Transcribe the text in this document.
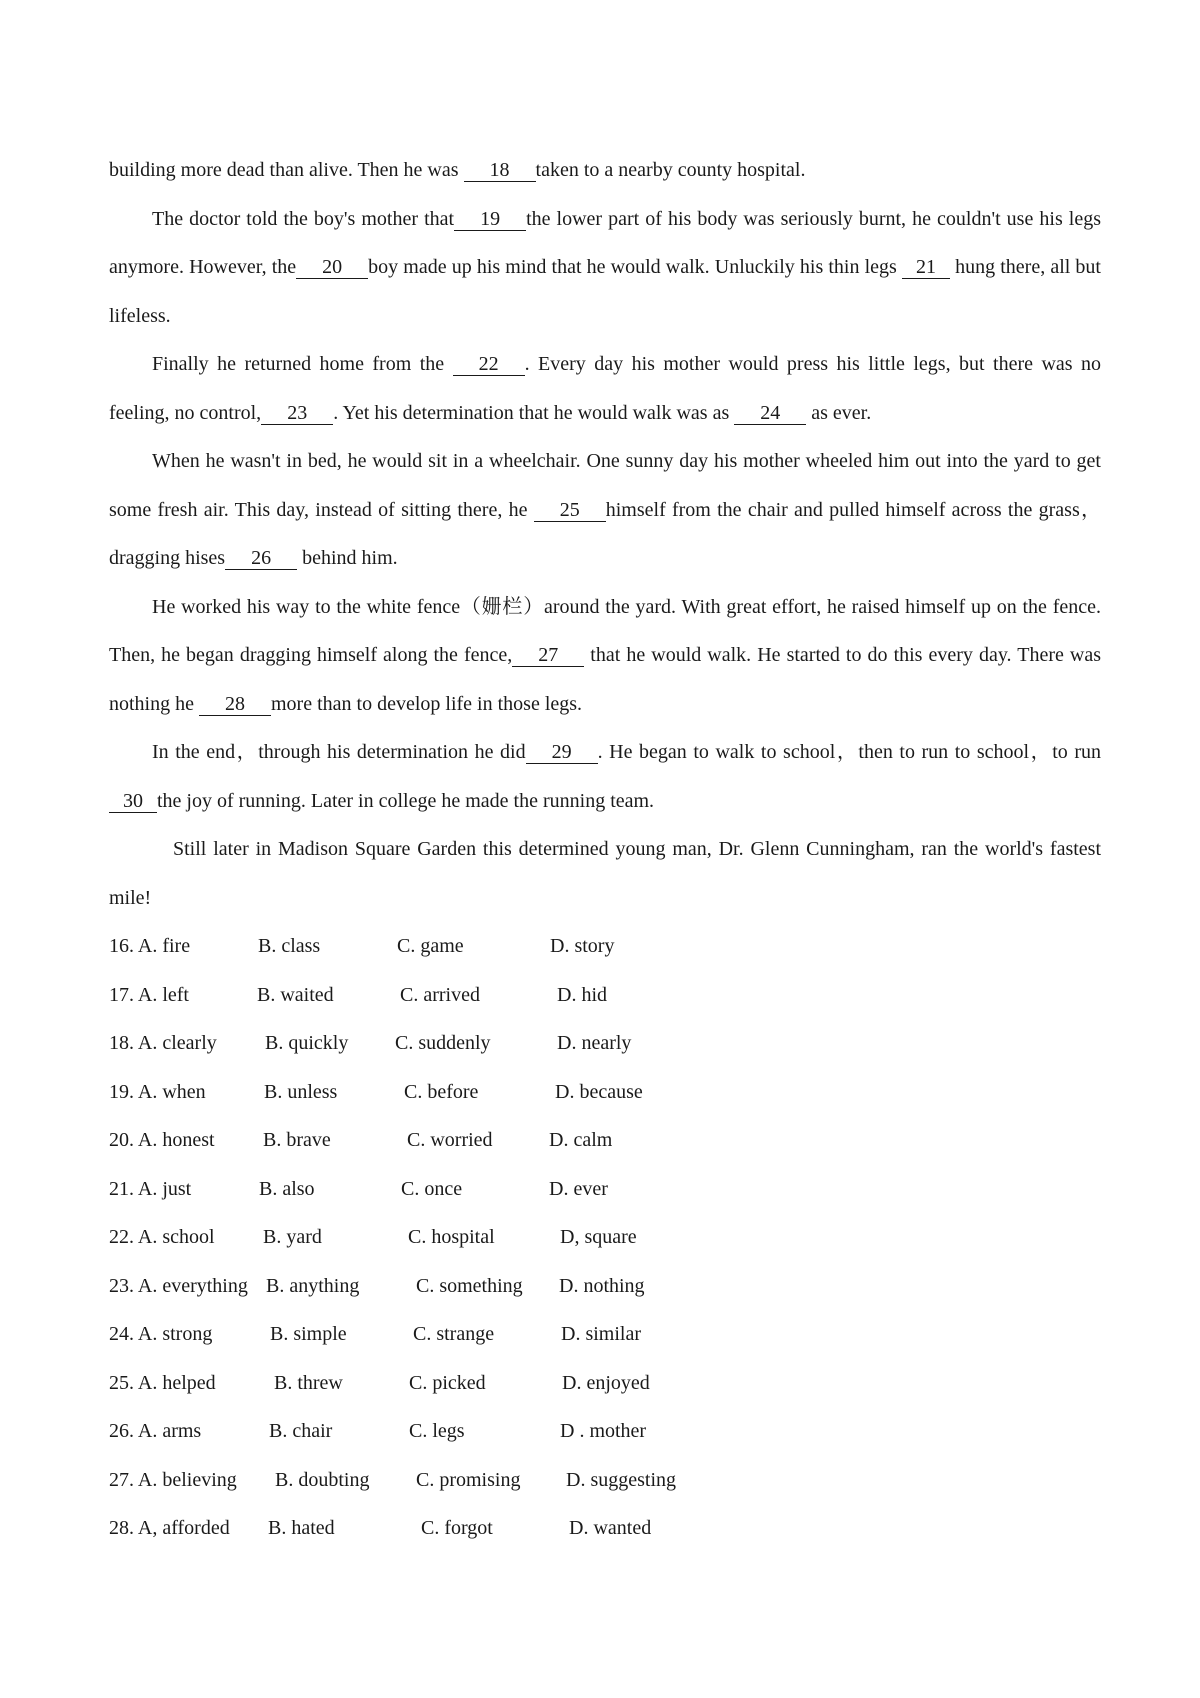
building more dead than alive. Then he was 18 taken to a nearby county hospital.

The doctor told the boy's mother that 19 the lower part of his body was seriously burnt, he couldn't use his legs anymore. However, the 20 boy made up his mind that he would walk. Unluckily his thin legs 21 hung there, all but lifeless.

Finally he returned home from the 22 . Every day his mother would press his little legs, but there was no feeling, no control, 23 . Yet his determination that he would walk was as 24 as ever.

When he wasn't in bed, he would sit in a wheelchair. One sunny day his mother wheeled him out into the yard to get some fresh air. This day, instead of sitting there, he 25 himself from the chair and pulled himself across the grass，dragging hises 26 behind him.

He worked his way to the white fence（姗栏）around the yard. With great effort, he raised himself up on the fence. Then, he began dragging himself along the fence, 27 that he would walk. He started to do this every day. There was nothing he 28 more than to develop life in those legs.

In the end，through his determination he did 29 . He began to walk to school，then to run to school，to run 30 the joy of running. Later in college he made the running team.

Still later in Madison Square Garden this determined young man, Dr. Glenn Cunningham, ran the world's fastest mile!

16. A. fire	B. class	C. game	D. story
17. A. left	B. waited	C. arrived	D. hid
18. A. clearly B. quickly C. suddenly	D. nearly
19. A. when	B. unless	C. before	D. because
20. A. honest B. brave	C. worried	D. calm
21. A. just	B. also	C. once	D. ever
22. A. school B. yard	C. hospital	D, square
23. A. everything B. anything	C. something D. nothing
24. A. strong	B. simple	C. strange	D. similar
25. A. helped	B. threw	C. picked	D. enjoyed
26. A. arms	B. chair	C. legs	D . mother
27. A. believing B. doubting C. promising D. suggesting
28. A, afforded B. hated	C. forgot	D. wanted
